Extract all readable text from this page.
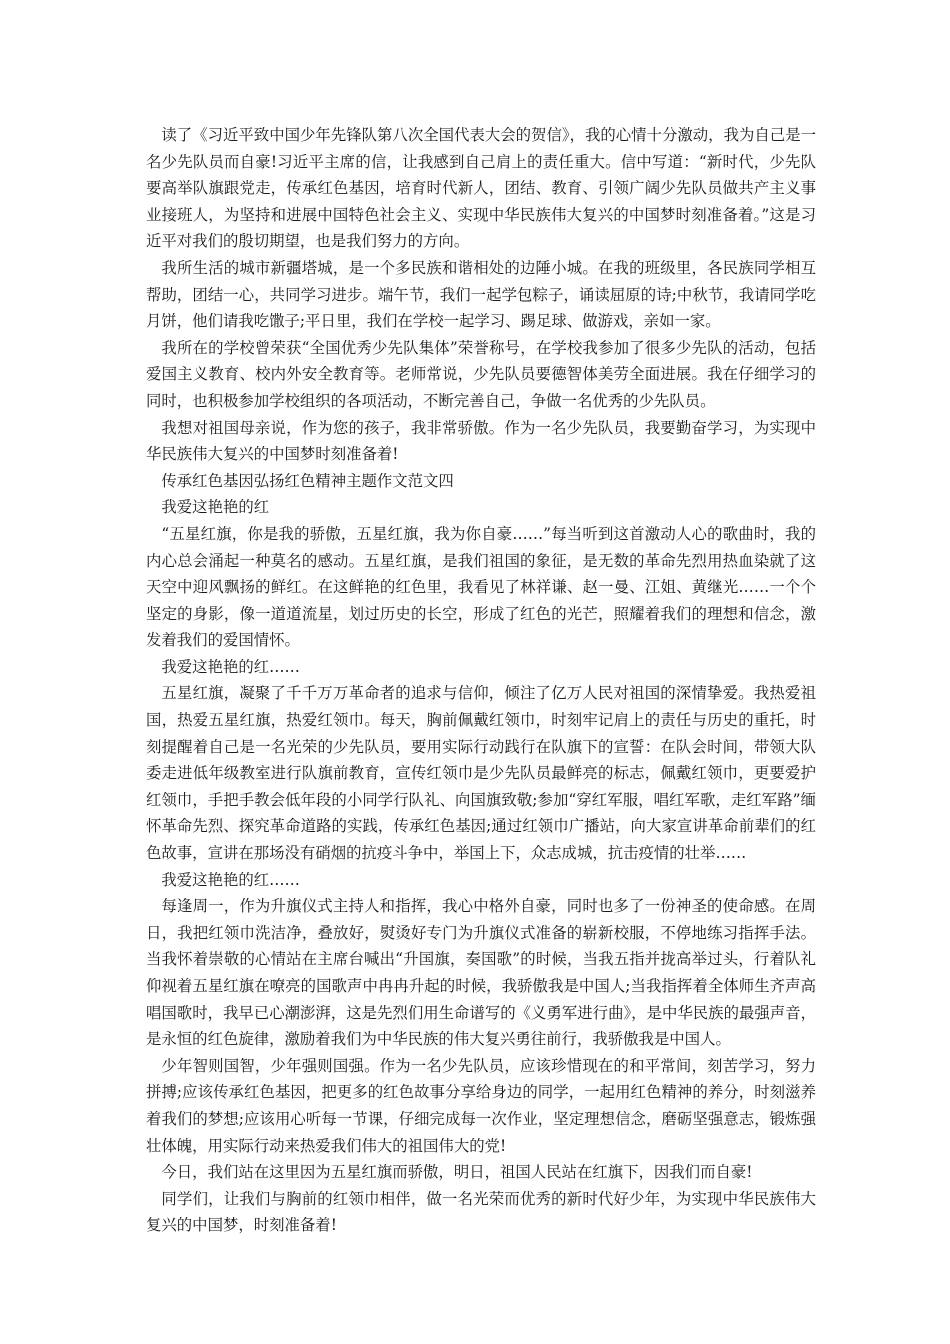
读了《习近平致中国少年先锋队第八次全国代表大会的贺信》，我的心情十分激动，我为自己是一名少先队员而自豪!习近平主席的信，让我感到自己肩上的责任重大。信中写道：“新时代，少先队要高举队旗跟党走，传承红色基因，培育时代新人，团结、教育、引领广阔少先队员做共产主义事业接班人，为坚持和进展中国特色社会主义、实现中华民族伟大复兴的中国梦时刻准备着。”这是习近平对我们的殷切期望，也是我们努力的方向。

我所生活的城市新疆塔城，是一个多民族和谐相处的边陲小城。在我的班级里，各民族同学相互帮助，团结一心，共同学习进步。端午节，我们一起学包粽子，诵读屈原的诗;中秋节，我请同学吃月饼，他们请我吃馓子;平日里，我们在学校一起学习、踢足球、做游戏，亲如一家。

我所在的学校曾荣获“全国优秀少先队集体”荣誉称号，在学校我参加了很多少先队的活动，包括爱国主义教育、校内外安全教育等。老师常说，少先队员要德智体美劳全面进展。我在仔细学习的同时，也积极参加学校组织的各项活动，不断完善自己，争做一名优秀的少先队员。

我想对祖国母亲说，作为您的孩子，我非常骄傲。作为一名少先队员，我要勤奋学习，为实现中华民族伟大复兴的中国梦时刻准备着!

传承红色基因弘扬红色精神主题作文范文四

我爱这艳艳的红

“五星红旗，你是我的骄傲，五星红旗，我为你自豪……”每当听到这首激动人心的歌曲时，我的内心总会涌起一种莫名的感动。五星红旗，是我们祖国的象征，是无数的革命先烈用热血染就了这天空中迎风飘扬的鲜红。在这鲜艳的红色里，我看见了林祥谦、赵一曼、江姐、黄继光……一个个坚定的身影，像一道道流星，划过历史的长空，形成了红色的光芒，照耀着我们的理想和信念，激发着我们的爱国情怀。

我爱这艳艳的红……

五星红旗，凝聚了千千万万革命者的追求与信仰，倾注了亿万人民对祖国的深情挚爱。我热爱祖国，热爱五星红旗，热爱红领巾。每天，胸前佩戴红领巾，时刻牢记肩上的责任与历史的重托，时刻提醒着自己是一名光荣的少先队员，要用实际行动践行在队旗下的宣誓：在队会时间，带领大队委走进低年级教室进行队旗前教育，宣传红领巾是少先队员最鲜亮的标志，佩戴红领巾，更要爱护红领巾，手把手教会低年段的小同学行队礼、向国旗致敬;参加“穿红军服，唱红军歌，走红军路”缅怀革命先烈、探究革命道路的实践，传承红色基因;通过红领巾广播站，向大家宣讲革命前辈们的红色故事，宣讲在那场没有硝烟的抗疫斗争中，举国上下，众志成城，抗击疫情的壮举……

我爱这艳艳的红……

每逢周一，作为升旗仪式主持人和指挥，我心中格外自豪，同时也多了一份神圣的使命感。在周日，我把红领巾洗洁净，叠放好，熨烫好专门为升旗仪式准备的崭新校服，不停地练习指挥手法。当我怀着崇敬的心情站在主席台喊出“升国旗，奏国歌”的时候，当我五指并拢高举过头，行着队礼仰视着五星红旗在嘹亮的国歌声中冉冉升起的时候，我骄傲我是中国人;当我指挥着全体师生齐声高唱国歌时，我早已心潮澎湃，这是先烈们用生命谱写的《义勇军进行曲》，是中华民族的最强声音，是永恒的红色旋律，激励着我们为中华民族的伟大复兴勇往前行，我骄傲我是中国人。

少年智则国智，少年强则国强。作为一名少先队员，应该珍惜现在的和平常间，刻苦学习，努力拼搏;应该传承红色基因，把更多的红色故事分享给身边的同学，一起用红色精神的养分，时刻滋养着我们的梦想;应该用心听每一节课，仔细完成每一次作业，坚定理想信念，磨砺坚强意志，锻炼强壮体魄，用实际行动来热爱我们伟大的祖国伟大的党!

今日，我们站在这里因为五星红旗而骄傲，明日，祖国人民站在红旗下，因我们而自豪!

同学们，让我们与胸前的红领巾相伴，做一名光荣而优秀的新时代好少年，为实现中华民族伟大复兴的中国梦，时刻准备着!
